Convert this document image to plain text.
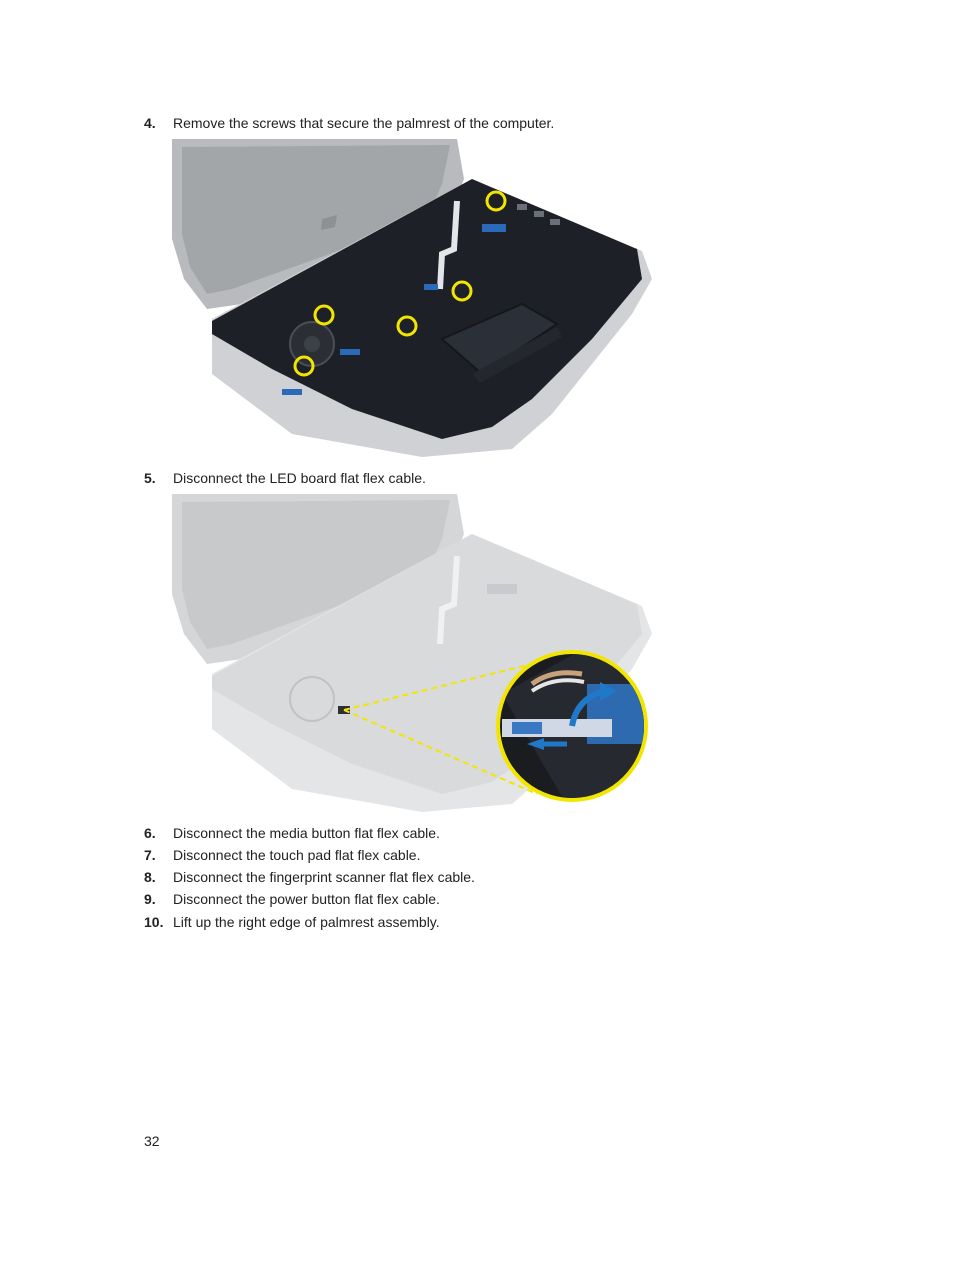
4.	Remove the screws that secure the palmrest of the computer.
5.	Disconnect the LED board flat flex cable.
6.	Disconnect the media button flat flex cable.
7.	Disconnect the touch pad flat flex cable.
8.	Disconnect the fingerprint scanner flat flex cable.
9.	Disconnect the power button flat flex cable.
10. Lift up the right edge of palmrest assembly.
32
